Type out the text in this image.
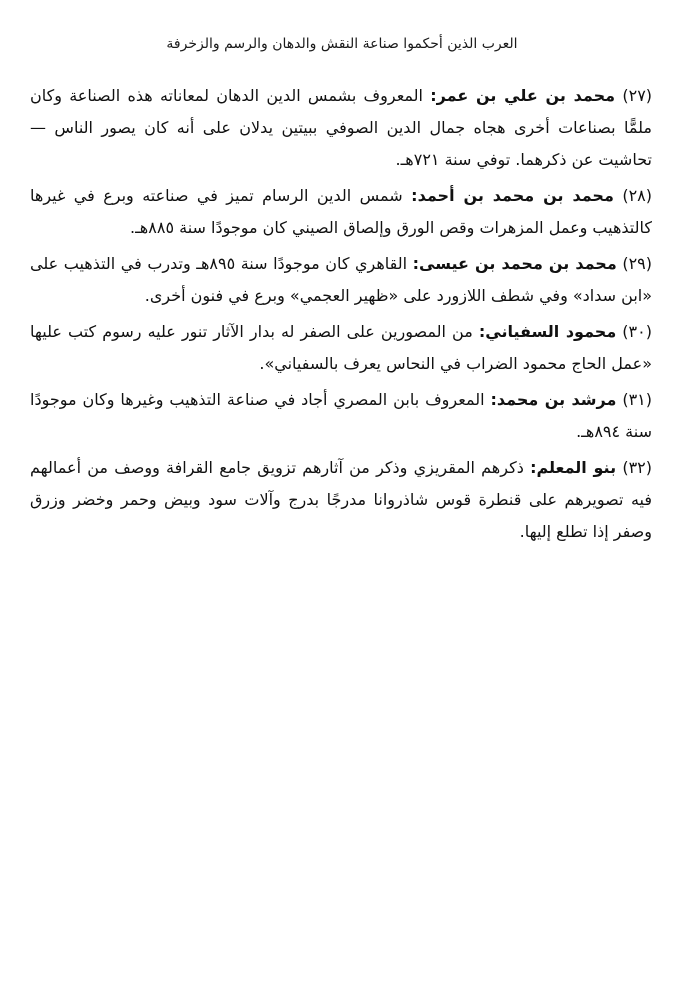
العرب الذين أحكموا صناعة النقش والدهان والرسم والزخرفة

(٢٧) محمد بن علي بن عمر: المعروف بشمس الدين الدهان لمعاناته هذه الصناعة وكان ملمًّا بصناعات أخرى هجاه جمال الدين الصوفي ببيتين يدلان على أنه كان يصور الناس — تحاشيت عن ذكرهما. توفي سنة ٧٢١هـ.

(٢٨) محمد بن محمد بن أحمد: شمس الدين الرسام تميز في صناعته وبرع في غيرها كالتذهيب وعمل المزهرات وقص الورق وإلصاق الصيني كان موجودًا سنة ٨٨٥هـ.

(٢٩) محمد بن محمد بن عيسى: القاهري كان موجودًا سنة ٨٩٥هـ وتدرب في التذهيب على «ابن سداد» وفي شطف اللازورد على «ظهير العجمي» وبرع في فنون أخرى.

(٣٠) محمود السفياني: من المصورين على الصفر له بدار الآثار تنور عليه رسوم كتب عليها «عمل الحاج محمود الضراب في النحاس يعرف بالسفياني».

(٣١) مرشد بن محمد: المعروف بابن المصري أجاد في صناعة التذهيب وغيرها وكان موجودًا سنة ٨٩٤هـ.

(٣٢) بنو المعلم: ذكرهم المقريزي وذكر من آثارهم تزويق جامع القرافة ووصف من أعمالهم فيه تصويرهم على قنطرة قوس شاذروانا مدرجًا بدرج وآلات سود وبيض وحمر وخضر وزرق وصفر إذا تطلع إليها.
